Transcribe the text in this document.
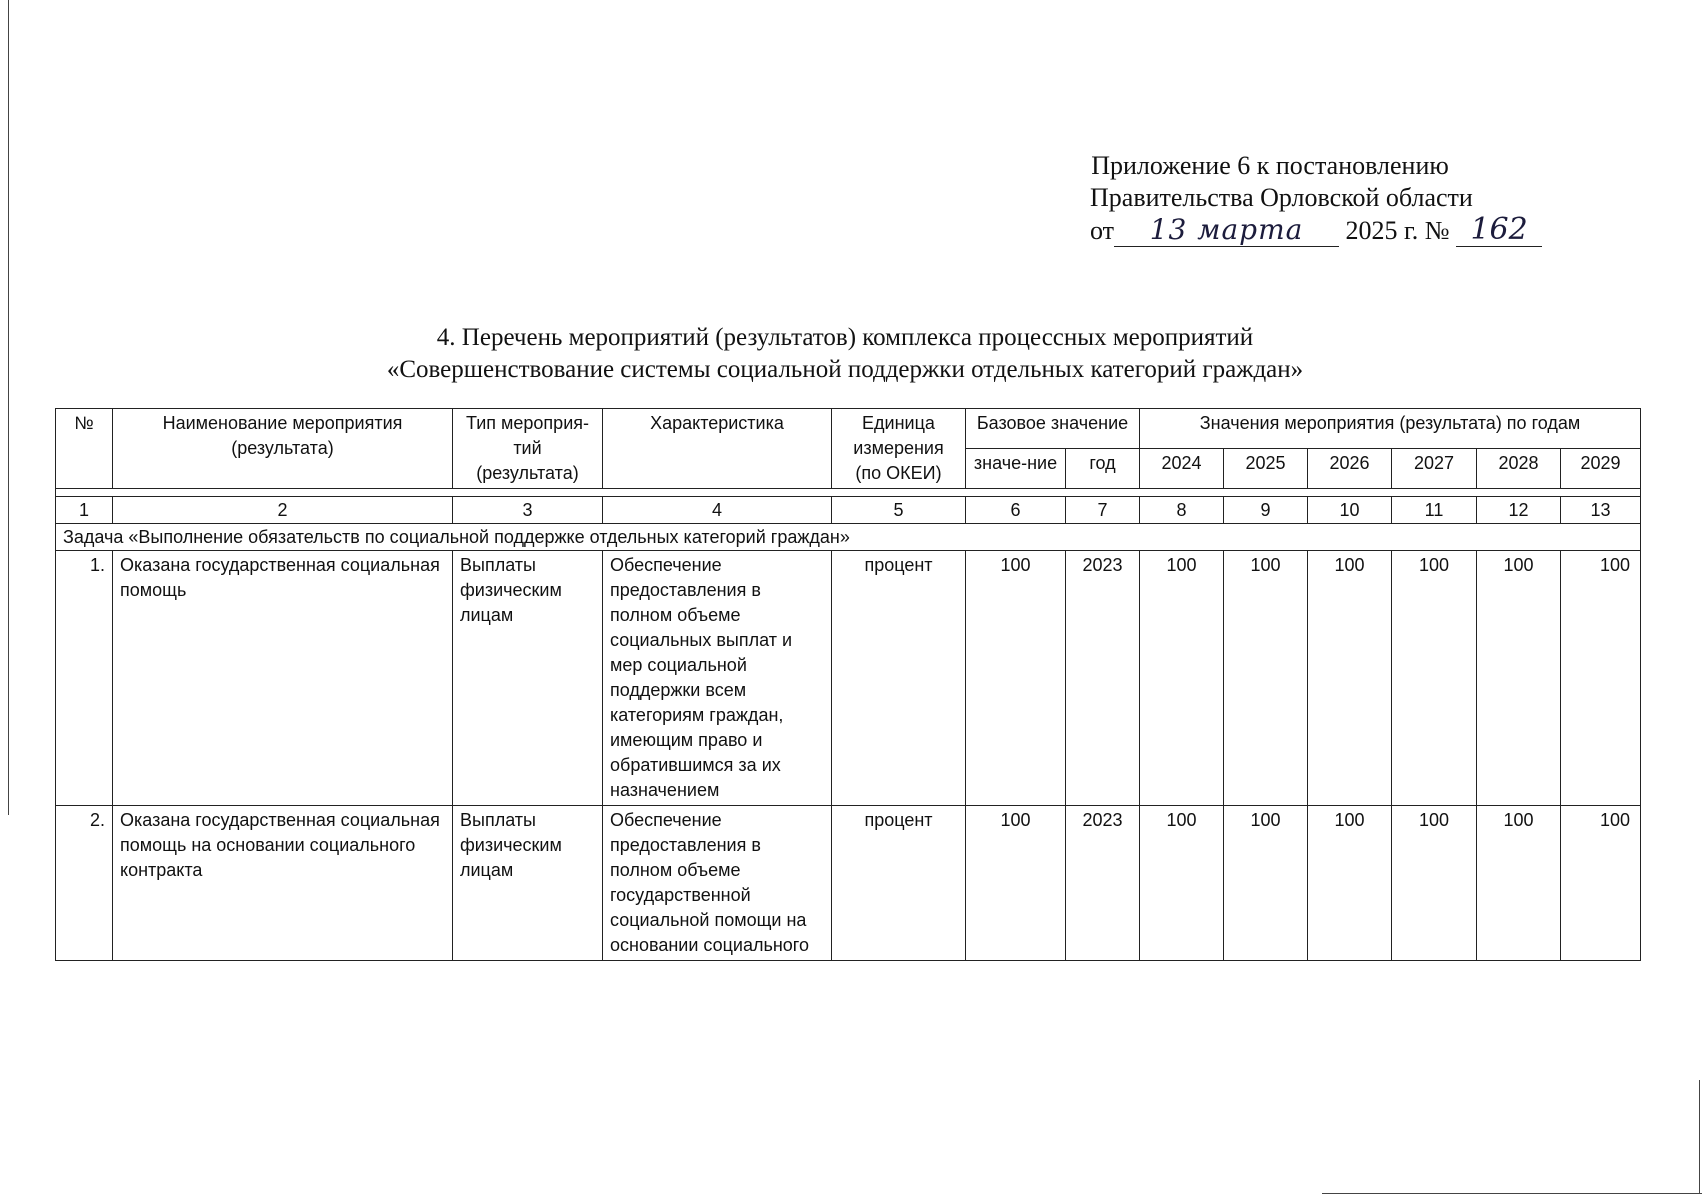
Приложение 6 к постановлению
Правительства Орловской области
от 13 марта 2025 г. № 162
4. Перечень мероприятий (результатов) комплекса процессных мероприятий
«Совершенствование системы социальной поддержки отдельных категорий граждан»
№	Наименование мероприятия (результата)	Тип мероприя-тий (результата)	Характеристика	Единица измерения (по ОКЕИ)	Базовое значение		Значения мероприятия (результата) по годам					
					значе-ние	год	2024	2025	2026	2027	2028	2029

1	2	3	4	5	6	7	8	9	10	11	12	13
Задача «Выполнение обязательств по социальной поддержке отдельных категорий граждан»												
1.	Оказана государственная социальная помощь	Выплаты физическим лицам	Обеспечение предоставления в полном объеме социальных выплат и мер социальной поддержки всем категориям граждан, имеющим право и обратившимся за их назначением	процент	100	2023	100	100	100	100	100	100
2.	Оказана государственная социальная помощь на основании социального контракта	Выплаты физическим лицам	Обеспечение предоставления в полном объеме государственной социальной помощи на основании социального	процент	100	2023	100	100	100	100	100	100
